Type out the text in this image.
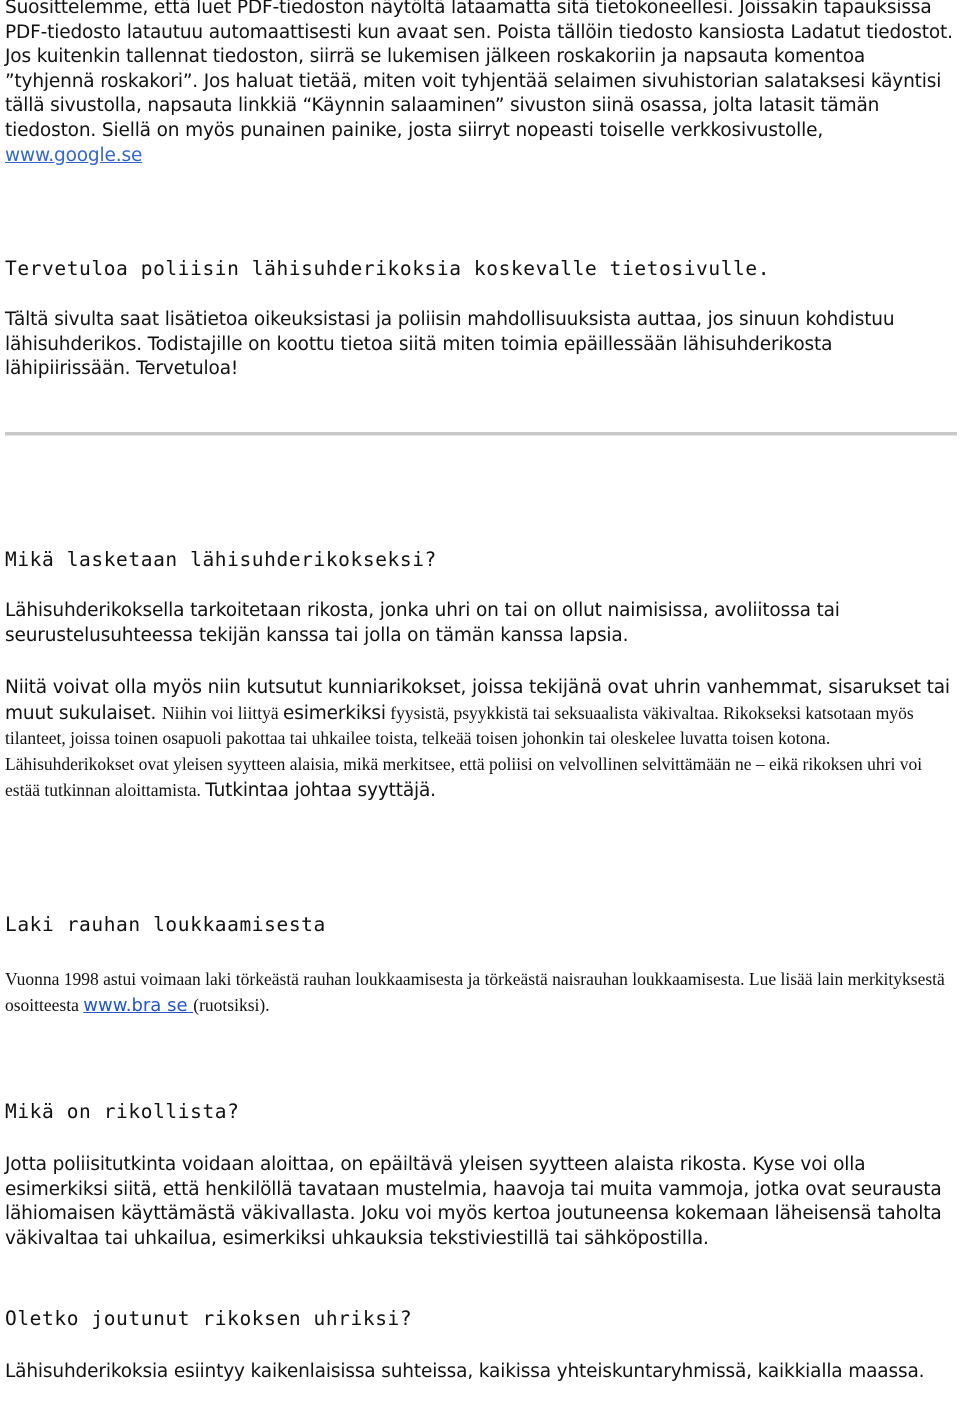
Suosittelemme, että luet PDF-tiedoston näytöltä lataamatta sitä tietokoneellesi. Joissakin tapauksissa PDF-tiedosto latautuu automaattisesti kun avaat sen. Poista tällöin tiedosto kansiosta Ladatut tiedostot. Jos kuitenkin tallennat tiedoston, siirrä se lukemisen jälkeen roskakoriin ja napsauta komentoa ”tyhjennä roskakori”. Jos haluat tietää, miten voit tyhjentää selaimen sivuhistorian salataksesi käyntisi tällä sivustolla, napsauta linkkiä “Käynnin salaaminen” sivuston siinä osassa, jolta latasit tämän tiedoston. Siellä on myös punainen painike, josta siirryt nopeasti toiselle verkkosivustolle, www.google.se

Tervetuloa poliisin lähisuhderikoksia koskevalle tietosivulle.

Tältä sivulta saat lisätietoa oikeuksistasi ja poliisin mahdollisuuksista auttaa, jos sinuun kohdistuu lähisuhderikos. Todistajille on koottu tietoa siitä miten toimia epäillessään lähisuhderikosta lähipiirissään. Tervetuloa!

Mikä lasketaan lähisuhderikokseksi?

Lähisuhderikoksella tarkoitetaan rikosta, jonka uhri on tai on ollut naimisissa, avoliitossa tai seurustelusuhteessa tekijän kanssa tai jolla on tämän kanssa lapsia.

Niitä voivat olla myös niin kutsutut kunniarikokset, joissa tekijänä ovat uhrin vanhemmat, sisarukset tai muut sukulaiset. Niihin voi liittyä esimerkiksi fyysistä, psyykkistä tai seksuaalista väkivaltaa. Rikokseksi katsotaan myös tilanteet, joissa toinen osapuoli pakottaa tai uhkailee toista, telkeää toisen johonkin tai oleskelee luvatta toisen kotona. Lähisuhderikokset ovat yleisen syytteen alaisia, mikä merkitsee, että poliisi on velvollinen selvittämään ne – eikä rikoksen uhri voi estää tutkinnan aloittamista. Tutkintaa johtaa syyttäjä.

Laki rauhan loukkaamisesta

Vuonna 1998 astui voimaan laki törkeästä rauhan loukkaamisesta ja törkeästä naisrauhan loukkaamisesta. Lue lisää lain merkityksestä osoitteesta www.bra se (ruotsiksi).

Mikä on rikollista?

Jotta poliisitutkinta voidaan aloittaa, on epäiltävä yleisen syytteen alaista rikosta. Kyse voi olla esimerkiksi siitä, että henkilöllä tavataan mustelmia, haavoja tai muita vammoja, jotka ovat seurausta lähiomaisen käyttämästä väkivallasta. Joku voi myös kertoa joutuneensa kokemaan läheisensä taholta väkivaltaa tai uhkailua, esimerkiksi uhkauksia tekstiviestillä tai sähköpostilla.

Oletko joutunut rikoksen uhriksi?

Lähisuhderikoksia esiintyy kaikenlaisissa suhteissa, kaikissa yhteiskuntaryhmissä, kaikkialla maassa.
